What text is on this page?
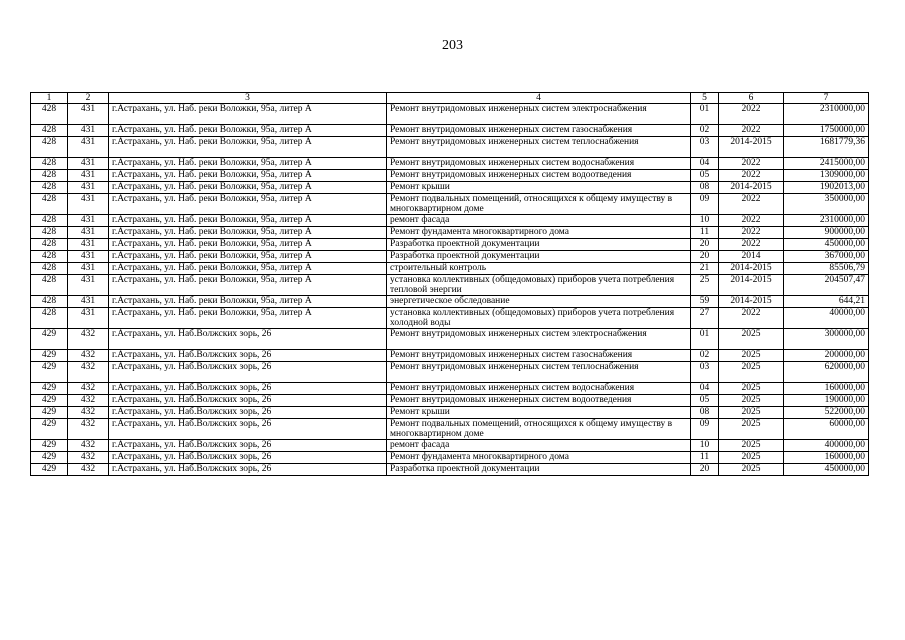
203
1	2	3	4	5	6	7
428	431	г.Астрахань, ул. Наб. реки Воложки, 95а, литер А	Ремонт внутридомовых инженерных систем электроснабжения	01	2022	2310000,00
428	431	г.Астрахань, ул. Наб. реки Воложки, 95а, литер А	Ремонт внутридомовых инженерных систем газоснабжения	02	2022	1750000,00
428	431	г.Астрахань, ул. Наб. реки Воложки, 95а, литер А	Ремонт внутридомовых инженерных систем теплоснабжения	03	2014-2015	1681779,36
428	431	г.Астрахань, ул. Наб. реки Воложки, 95а, литер А	Ремонт внутридомовых инженерных систем водоснабжения	04	2022	2415000,00
428	431	г.Астрахань, ул. Наб. реки Воложки, 95а, литер А	Ремонт внутридомовых инженерных систем водоотведения	05	2022	1309000,00
428	431	г.Астрахань, ул. Наб. реки Воложки, 95а, литер А	Ремонт крыши	08	2014-2015	1902013,00
428	431	г.Астрахань, ул. Наб. реки Воложки, 95а, литер А	Ремонт подвальных помещений, относящихся к общему имуществу в многоквартирном доме	09	2022	350000,00
428	431	г.Астрахань, ул. Наб. реки Воложки, 95а, литер А	ремонт фасада	10	2022	2310000,00
428	431	г.Астрахань, ул. Наб. реки Воложки, 95а, литер А	Ремонт фундамента многоквартирного дома	11	2022	900000,00
428	431	г.Астрахань, ул. Наб. реки Воложки, 95а, литер А	Разработка проектной документации	20	2022	450000,00
428	431	г.Астрахань, ул. Наб. реки Воложки, 95а, литер А	Разработка проектной документации	20	2014	367000,00
428	431	г.Астрахань, ул. Наб. реки Воложки, 95а, литер А	строительный контроль	21	2014-2015	85506,79
428	431	г.Астрахань, ул. Наб. реки Воложки, 95а, литер А	установка коллективных (общедомовых) приборов учета потребления тепловой энергии	25	2014-2015	204507,47
428	431	г.Астрахань, ул. Наб. реки Воложки, 95а, литер А	энергетическое обследование	59	2014-2015	644,21
428	431	г.Астрахань, ул. Наб. реки Воложки, 95а, литер А	установка коллективных (общедомовых) приборов учета потребления холодной воды	27	2022	40000,00
429	432	г.Астрахань, ул. Наб.Волжских зорь, 26	Ремонт внутридомовых инженерных систем электроснабжения	01	2025	300000,00
429	432	г.Астрахань, ул. Наб.Волжских зорь, 26	Ремонт внутридомовых инженерных систем газоснабжения	02	2025	200000,00
429	432	г.Астрахань, ул. Наб.Волжских зорь, 26	Ремонт внутридомовых инженерных систем теплоснабжения	03	2025	620000,00
429	432	г.Астрахань, ул. Наб.Волжских зорь, 26	Ремонт внутридомовых инженерных систем водоснабжения	04	2025	160000,00
429	432	г.Астрахань, ул. Наб.Волжских зорь, 26	Ремонт внутридомовых инженерных систем водоотведения	05	2025	190000,00
429	432	г.Астрахань, ул. Наб.Волжских зорь, 26	Ремонт крыши	08	2025	522000,00
429	432	г.Астрахань, ул. Наб.Волжских зорь, 26	Ремонт подвальных помещений, относящихся к общему имуществу в многоквартирном доме	09	2025	60000,00
429	432	г.Астрахань, ул. Наб.Волжских зорь, 26	ремонт фасада	10	2025	400000,00
429	432	г.Астрахань, ул. Наб.Волжских зорь, 26	Ремонт фундамента многоквартирного дома	11	2025	160000,00
429	432	г.Астрахань, ул. Наб.Волжских зорь, 26	Разработка проектной документации	20	2025	450000,00
